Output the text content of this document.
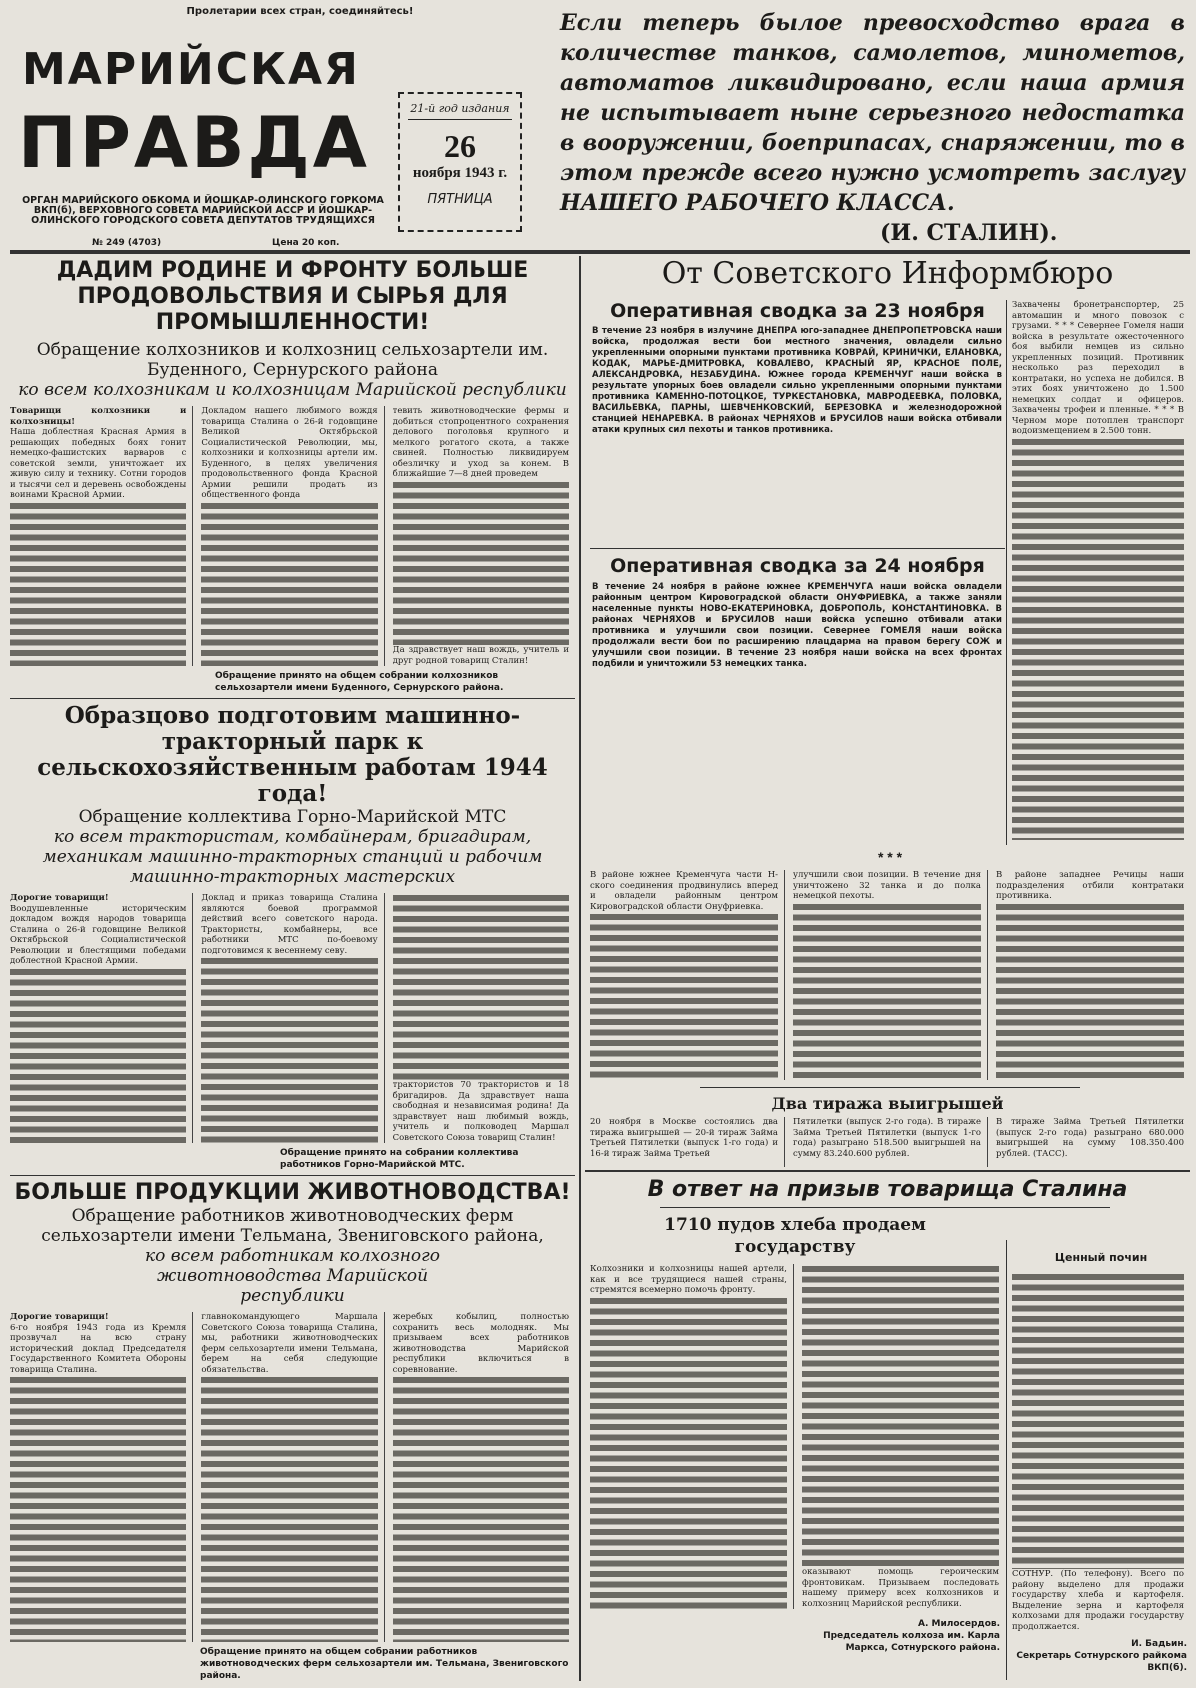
Пролетарии всех стран, соединяйтесь!
МАРИЙСКАЯ
ПРАВДА
ОРГАН МАРИЙСКОГО ОБКОМА И ЙОШКАР-ОЛИНСКОГО ГОРКОМА ВКП(б), ВЕРХОВНОГО СОВЕТА МАРИЙСКОЙ АССР И ЙОШКАР-ОЛИНСКОГО ГОРОДСКОГО СОВЕТА ДЕПУТАТОВ ТРУДЯЩИХСЯ
21-й год издания
26
ноября 1943 г.
ПЯТНИЦА
№ 249 (4703)	Цена 20 коп.
Если теперь былое превосходство врага в количестве танков, самолетов, минометов, автоматов ликвидировано, если наша армия не испытывает ныне серьезного недостатка в вооружении, боеприпасах, снаряжении, то в этом прежде всего нужно усмотреть заслугу НАШЕГО РАБОЧЕГО КЛАССА.
(И. СТАЛИН).
ДАДИМ РОДИНЕ И ФРОНТУ БОЛЬШЕ ПРОДОВОЛЬСТВИЯ И СЫРЬЯ ДЛЯ ПРОМЫШЛЕННОСТИ!
Обращение колхозников и колхозниц сельхозартели им. Буденного, Сернурского района
ко всем колхозникам и колхозницам Марийской республики
Товарищи колхозники и колхозницы!
Наша доблестная Красная Армия в решающих победных боях гонит немецко-фашистских варваров с советской земли, уничтожает их живую силу и технику. Сотни городов и тысячи сел и деревень освобождены воинами Красной Армии.
Докладом нашего любимого вождя товарища Сталина о 26-й годовщине Великой Октябрьской Социалистической Революции, мы, колхозники и колхозницы артели им. Буденного, в целях увеличения продовольственного фонда Красной Армии решили продать из общественного фонда
тевить животноводческие фермы и добиться стопроцентного сохранения делового поголовья крупного и мелкого рогатого скота, а также свиней. Полностью ликвидируем обезличку и уход за конем. В ближайшие 7—8 дней проведем
Да здравствует наш вождь, учитель и друг родной товарищ Сталин!
Обращение принято на общем собрании колхозников сельхозартели имени Буденного, Сернурского района.
Образцово подготовим машинно-тракторный парк к сельскохозяйственным работам 1944 года!
Обращение коллектива Горно-Марийской МТС
ко всем трактористам, комбайнерам, бригадирам, механикам машинно-тракторных станций и рабочим машинно-тракторных мастерских
Дорогие товарищи!
Воодушевленные историческим докладом вождя народов товарища Сталина о 26-й годовщине Великой Октябрьской Социалистической Революции и блестящими победами доблестной Красной Армии.
Доклад и приказ товарища Сталина являются боевой программой действий всего советского народа. Трактористы, комбайнеры, все работники МТС по-боевому подготовимся к весеннему севу.
трактористов 70 трактористов и 18 бригадиров. Да здравствует наша свободная и независимая родина! Да здравствует наш любимый вождь, учитель и полководец Маршал Советского Союза товарищ Сталин!
Обращение принято на собрании коллектива работников Горно-Марийской МТС.
БОЛЬШЕ ПРОДУКЦИИ ЖИВОТНОВОДСТВА!
Обращение работников животноводческих ферм сельхозартели имени Тельмана, Звениговского района,
ко всем работникам колхозного животноводства Марийской республики
Дорогие товарищи!
6-го ноября 1943 года из Кремля прозвучал на всю страну исторический доклад Председателя Государственного Комитета Обороны товарища Сталина.
главнокомандующего Маршала Советского Союза товарища Сталина, мы, работники животноводческих ферм сельхозартели имени Тельмана, берем на себя следующие обязательства.
жеребых кобылиц, полностью сохранить весь молодняк. Мы призываем всех работников животноводства Марийской республики включиться в соревнование.
Обращение принято на общем собрании работников животноводческих ферм сельхозартели им. Тельмана, Звениговского района.
От Советского Информбюро
Оперативная сводка за 23 ноября
В течение 23 ноября в излучине ДНЕПРА юго-западнее ДНЕПРОПЕТРОВСКА наши войска, продолжая вести бои местного значения, овладели сильно укрепленными опорными пунктами противника КОВРАЙ, КРИНИЧКИ, ЕЛАНОВКА, КОДАК, МАРЬЕ-ДМИТРОВКА, КОВАЛЕВО, КРАСНЫЙ ЯР, КРАСНОЕ ПОЛЕ, АЛЕКСАНДРОВКА, НЕЗАБУДИНА. Южнее города КРЕМЕНЧУГ наши войска в результате упорных боев овладели сильно укрепленными опорными пунктами противника КАМЕННО-ПОТОЦКОЕ, ТУРКЕСТАНОВКА, МАВРОДЕЕВКА, ПОЛОВКА, ВАСИЛЬЕВКА, ПАРНЫ, ШЕВЧЕНКОВСКИЙ, БЕРЕЗОВКА и железнодорожной станцией НЕНАРЕВКА. В районах ЧЕРНЯХОВ и БРУСИЛОВ наши войска отбивали атаки крупных сил пехоты и танков противника.
Захвачены бронетранспортер, 25 автомашин и много повозок с грузами. * * * Севернее Гомеля наши войска в результате ожесточенного боя выбили немцев из сильно укрепленных позиций. Противник несколько раз переходил в контратаки, но успеха не добился. В этих боях уничтожено до 1.500 немецких солдат и офицеров. Захвачены трофеи и пленные. * * * В Черном море потоплен транспорт водоизмещением в 2.500 тонн.
Оперативная сводка за 24 ноября
В течение 24 ноября в районе южнее КРЕМЕНЧУГА наши войска овладели районным центром Кировоградской области ОНУФРИЕВКА, а также заняли населенные пункты НОВО-ЕКАТЕРИНОВКА, ДОБРОПОЛЬ, КОНСТАНТИНОВКА. В районах ЧЕРНЯХОВ и БРУСИЛОВ наши войска успешно отбивали атаки противника и улучшили свои позиции. Севернее ГОМЕЛЯ наши войска продолжали вести бои по расширению плацдарма на правом берегу СОЖ и улучшили свои позиции. В течение 23 ноября наши войска на всех фронтах подбили и уничтожили 53 немецких танка.
* * *
В районе южнее Кременчуга части Н-ского соединения продвинулись вперед и овладели районным центром Кировоградской области Онуфриевка.
улучшили свои позиции. В течение дня уничтожено 32 танка и до полка немецкой пехоты.
В районе западнее Речицы наши подразделения отбили контратаки противника.
Два тиража выигрышей
20 ноября в Москве состоялись два тиража выигрышей — 20-й тираж Займа Третьей Пятилетки (выпуск 1-го года) и 16-й тираж Займа Третьей
Пятилетки (выпуск 2-го года). В тираже Займа Третьей Пятилетки (выпуск 1-го года) разыграно 518.500 выигрышей на сумму 83.240.600 рублей.
В тираже Займа Третьей Пятилетки (выпуск 2-го года) разыграно 680.000 выигрышей на сумму 108.350.400 рублей. (ТАСС).
В ответ на призыв товарища Сталина
1710 пудов хлеба продаем государству
Колхозники и колхозницы нашей артели, как и все трудящиеся нашей страны, стремятся всемерно помочь фронту.
оказывают помощь героическим фронтовикам. Призываем последовать нашему примеру всех колхозников и колхозниц Марийской республики.
А. Милосердов.
Председатель колхоза им. Карла Маркса, Сотнурского района.
Ценный почин
СОТНУР. (По телефону). Всего по району выделено для продажи государству хлеба и картофеля. Выделение зерна и картофеля колхозами для продажи государству продолжается.
И. Бадьин.
Секретарь Сотнурского райкома ВКП(б).
